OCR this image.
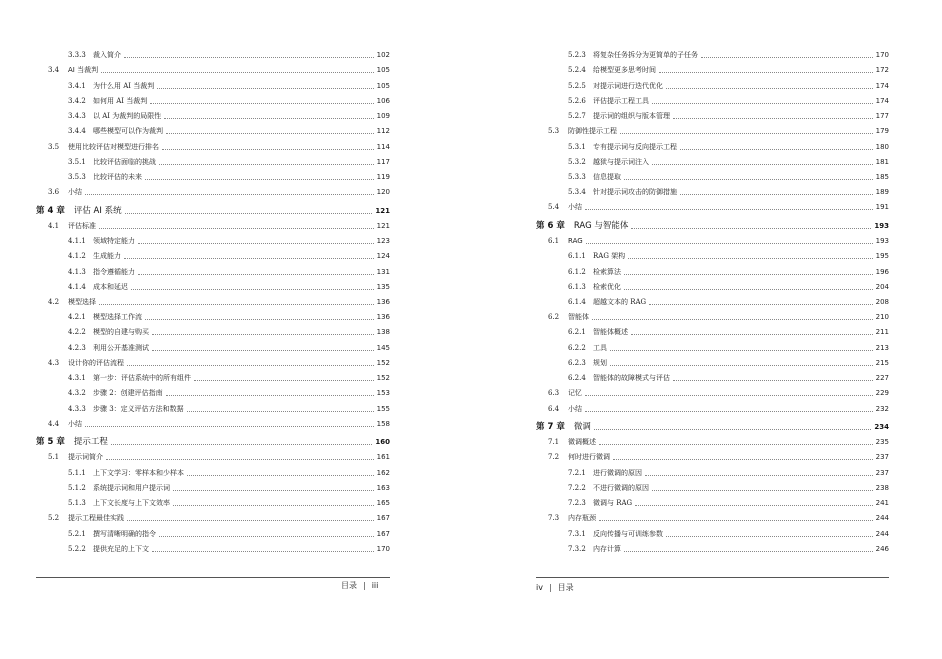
3.3.3	裁入简介	102
3.4	AI 当裁判	105
3.4.1	为什么用 AI 当裁判	105
3.4.2	如何用 AI 当裁判	106
3.4.3	以 AI 为裁判的局限性	109
3.4.4	哪些模型可以作为裁判	112
3.5	使用比较评估对模型进行排名	114
3.5.1	比较评估面临的挑战	117
3.5.3	比较评估的未来	119
3.6	小结	120
第 4 章	评估 AI 系统	121
4.1	评估标准	121
4.1.1	领域特定能力	123
4.1.2	生成能力	124
4.1.3	指令遵循能力	131
4.1.4	成本和延迟	135
4.2	模型选择	136
4.2.1	模型选择工作流	136
4.2.2	模型的自建与购买	138
4.2.3	利用公开基准测试	145
4.3	设计你的评估流程	152
4.3.1	第一步：评估系统中的所有组件	152
4.3.2	步骤 2：创建评估指南	153
4.3.3	步骤 3：定义评估方法和数据	155
4.4	小结	158
第 5 章	提示工程	160
5.1	提示词简介	161
5.1.1	上下文学习：零样本和少样本	162
5.1.2	系统提示词和用户提示词	163
5.1.3	上下文长度与上下文效率	165
5.2	提示工程最佳实践	167
5.2.1	撰写清晰明确的指令	167
5.2.2	提供充足的上下文	170
目录 | iii
5.2.3	将复杂任务拆分为更简单的子任务	170
5.2.4	给模型更多思考时间	172
5.2.5	对提示词进行迭代优化	174
5.2.6	评估提示工程工具	174
5.2.7	提示词的组织与版本管理	177
5.3	防御性提示工程	179
5.3.1	专有提示词与反向提示工程	180
5.3.2	越狱与提示词注入	181
5.3.3	信息提取	185
5.3.4	针对提示词攻击的防御措施	189
5.4	小结	191
第 6 章	RAG 与智能体	193
6.1	RAG	193
6.1.1	RAG 架构	195
6.1.2	检索算法	196
6.1.3	检索优化	204
6.1.4	超越文本的 RAG	208
6.2	智能体	210
6.2.1	智能体概述	211
6.2.2	工具	213
6.2.3	规划	215
6.2.4	智能体的故障模式与评估	227
6.3	记忆	229
6.4	小结	232
第 7 章	微调	234
7.1	微调概述	235
7.2	何时进行微调	237
7.2.1	进行微调的原因	237
7.2.2	不进行微调的原因	238
7.2.3	微调与 RAG	241
7.3	内存瓶颈	244
7.3.1	反向传播与可训练参数	244
7.3.2	内存计算	246
iv | 目录
